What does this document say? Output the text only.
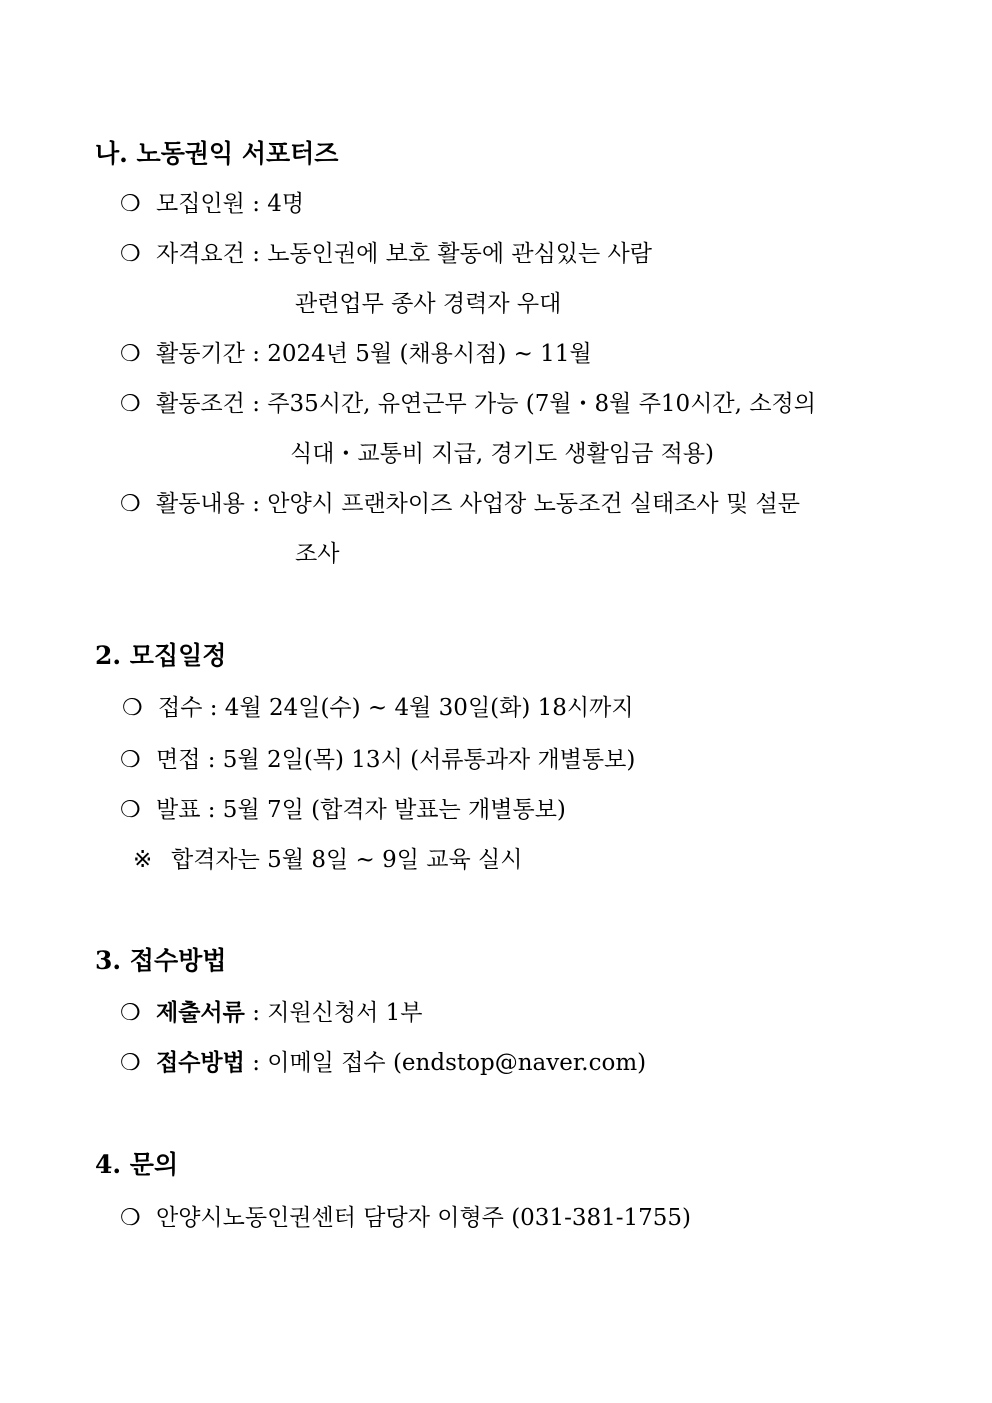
나. 노동권익 서포터즈
❍ 모집인원 : 4명
❍ 자격요건 : 노동인권에 보호 활동에 관심있는 사람
관련업무 종사 경력자 우대
❍ 활동기간 : 2024년 5월 (채용시점) ~ 11월
❍ 활동조건 : 주35시간, 유연근무 가능 (7월・8월 주10시간, 소정의
식대・교통비 지급, 경기도 생활임금 적용)
❍ 활동내용 : 안양시 프랜차이즈 사업장 노동조건 실태조사 및 설문
조사
2. 모집일정
❍ 접수 : 4월 24일(수) ~ 4월 30일(화) 18시까지
❍ 면접 : 5월 2일(목) 13시 (서류통과자 개별통보)
❍ 발표 : 5월 7일 (합격자 발표는 개별통보)
※ 합격자는 5월 8일 ~ 9일 교육 실시
3. 접수방법
❍ 제출서류 : 지원신청서 1부
❍ 접수방법 : 이메일 접수 (endstop@naver.com)
4. 문의
❍ 안양시노동인권센터 담당자 이형주 (031-381-1755)
